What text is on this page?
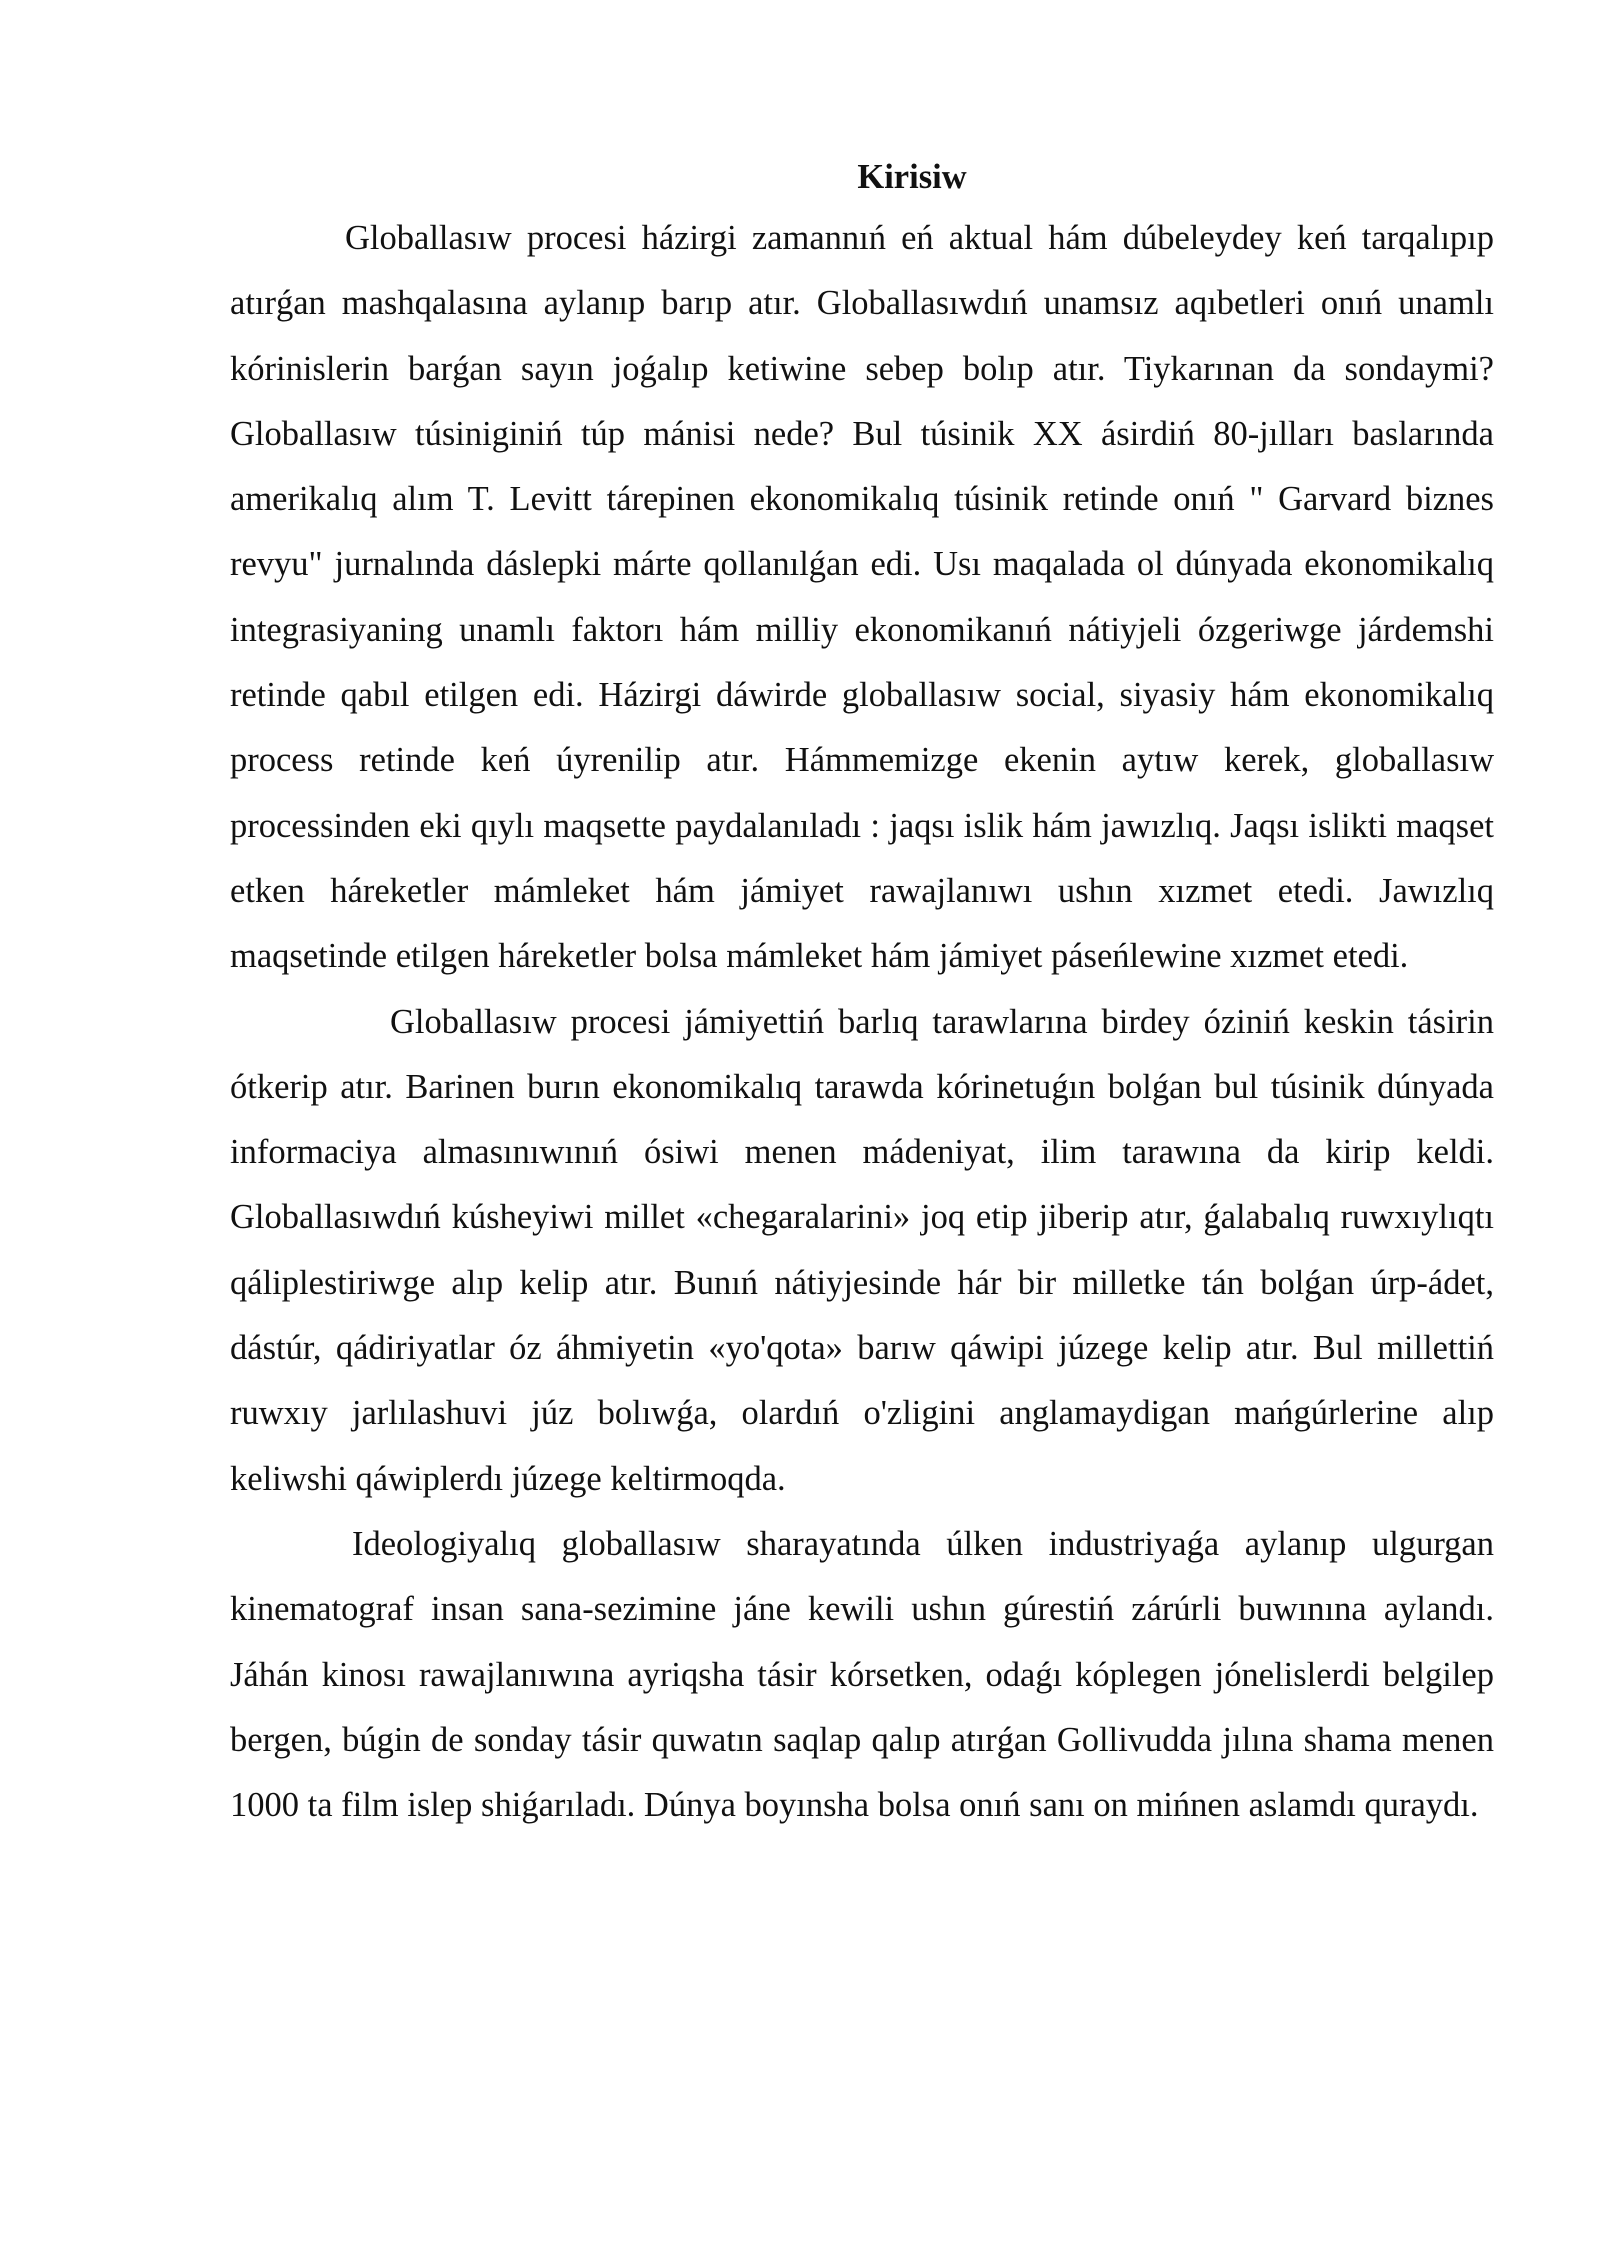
Kirisiw

Globallasıw procesi házirgi zamannıń eń aktual hám dúbeleydey keń tarqalıpıp atırǵan mashqalasına aylanıp barıp atır. Globallasıwdıń unamsız aqıbetleri onıń unamlı kórinislerin barǵan sayın joǵalıp ketiwine sebep bolıp atır. Tiykarınan da sondaymi? Globallasıw túsiniginiń túp mánisi nede? Bul túsinik XX ásirdiń 80-jılları baslarında amerikalıq alım T. Levitt tárepinen ekonomikalıq túsinik retinde onıń " Garvard biznes revyu" jurnalında dáslepki márte qollanılǵan edi. Usı maqalada ol dúnyada ekonomikalıq integrasiyaning unamlı faktorı hám milliy ekonomikanıń nátiyjeli ózgeriwge járdemshi retinde qabıl etilgen edi. Házirgi dáwirde globallasıw social, siyasiy hám ekonomikalıq process retinde keń úyrenilip atır. Hámmemizge ekenin aytıw kerek, globallasıw processinden eki qıylı maqsette paydalanıladı : jaqsı islik hám jawızlıq. Jaqsı islikti maqset etken háreketler mámleket hám jámiyet rawajlanıwı ushın xızmet etedi. Jawızlıq maqsetinde etilgen háreketler bolsa mámleket hám jámiyet páseńlewine xızmet etedi.

Globallasıw procesi jámiyettiń barlıq tarawlarına birdey óziniń keskin tásirin ótkerip atır. Barinen burın ekonomikalıq tarawda kórinetuǵın bolǵan bul túsinik dúnyada informaciya almasınıwınıń ósiwi menen mádeniyat, ilim tarawına da kirip keldi. Globallasıwdıń kúsheyiwi millet «chegaralarini» joq etip jiberip atır, ǵalabalıq ruwxıylıqtı qáliplestiriwge alıp kelip atır. Bunıń nátiyjesinde hár bir milletke tán bolǵan úrp-ádet, dástúr, qádiriyatlar óz áhmiyetin «yo'qota» barıw qáwipi júzege kelip atır. Bul millettiń ruwxıy jarlılashuvi júz bolıwǵa, olardıń o'zligini anglamaydigan mańgúrlerine alıp keliwshi qáwiplerdı júzege keltirmoqda.

Ideologiyalıq globallasıw sharayatında úlken industriyaǵa aylanıp ulgurgan kinematograf insan sana-sezimine jáne kewili ushın gúrestiń zárúrli buwınına aylandı. Jáhán kinosı rawajlanıwına ayriqsha tásir kórsetken, odaǵı kóplegen jónelislerdi belgilep bergen, búgin de sonday tásir quwatın saqlap qalıp atırǵan Gollivudda jılına shama menen 1000 ta film islep shiǵarıladı. Dúnya boyınsha bolsa onıń sanı on mińnen aslamdı quraydı.
